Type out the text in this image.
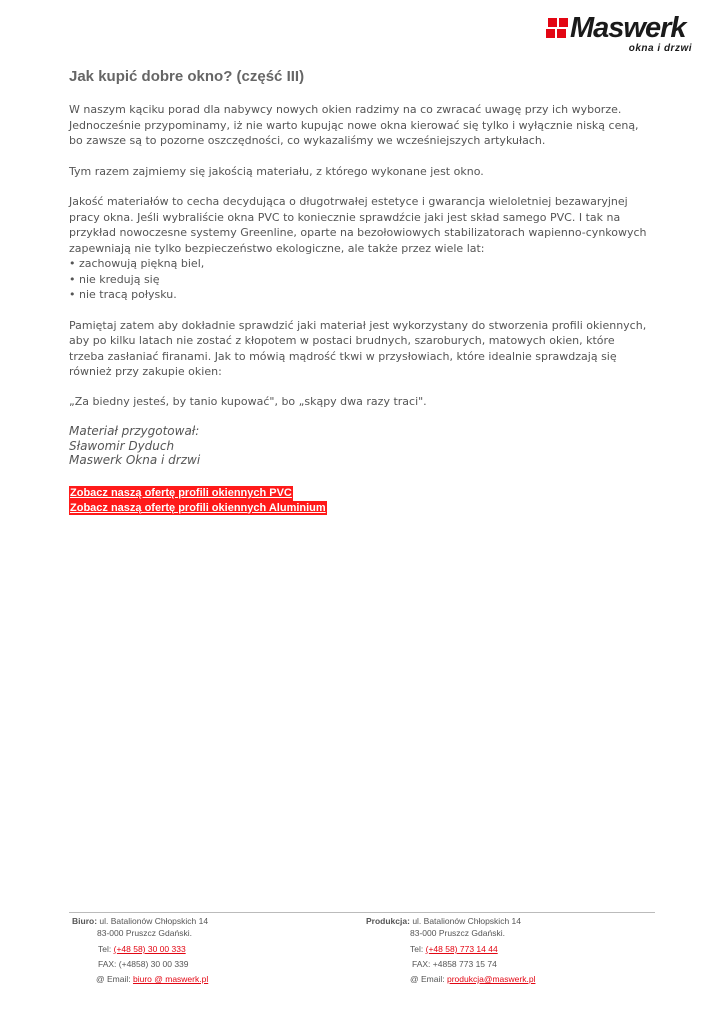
Maswerk
okna i drzwi
Jak kupić dobre okno? (część III)

W naszym kąciku porad dla nabywcy nowych okien radzimy na co zwracać uwagę przy ich wyborze. Jednocześnie przypominamy, iż nie warto kupując nowe okna kierować się tylko i wyłącznie niską ceną, bo zawsze są to pozorne oszczędności, co wykazaliśmy we wcześniejszych artykułach.

Tym razem zajmiemy się jakością materiału, z którego wykonane jest okno.

Jakość materiałów to cecha decydująca o długotrwałej estetyce i gwarancja wieloletniej bezawaryjnej pracy okna. Jeśli wybraliście okna PVC to koniecznie sprawdźcie jaki jest skład samego PVC. I tak na przykład nowoczesne systemy Greenline, oparte na bezołowiowych stabilizatorach wapienno-cynkowych zapewniają nie tylko bezpieczeństwo ekologiczne, ale także przez wiele lat:

• zachowują piękną biel,
• nie kredują się
• nie tracą połysku.

Pamiętaj zatem aby dokładnie sprawdzić jaki materiał jest wykorzystany do stworzenia profili okiennych, aby po kilku latach nie zostać z kłopotem w postaci brudnych, szaroburych, matowych okien, które trzeba zasłaniać firanami. Jak to mówią mądrość tkwi w przysłowiach, które idealnie sprawdzają się również przy zakupie okien:

„Za biedny jesteś, by tanio kupować", bo „skąpy dwa razy traci".

Materiał przygotował:
Sławomir Dyduch
Maswerk Okna i drzwi
Zobacz naszą ofertę profili okiennych PVC
Zobacz naszą ofertę profili okiennych Aluminium
Biuro: ul. Batalionów Chłopskich 14
83-000 Pruszcz Gdański.
Tel: (+48 58) 30 00 333
FAX: (+4858) 30 00 339
@ Email: biuro @ maswerk.pl
Produkcja: ul. Batalionów Chłopskich 14
83-000 Pruszcz Gdański.
Tel: (+48 58) 773 14 44
FAX: +4858 773 15 74
@ Email: produkcja@maswerk.pl
